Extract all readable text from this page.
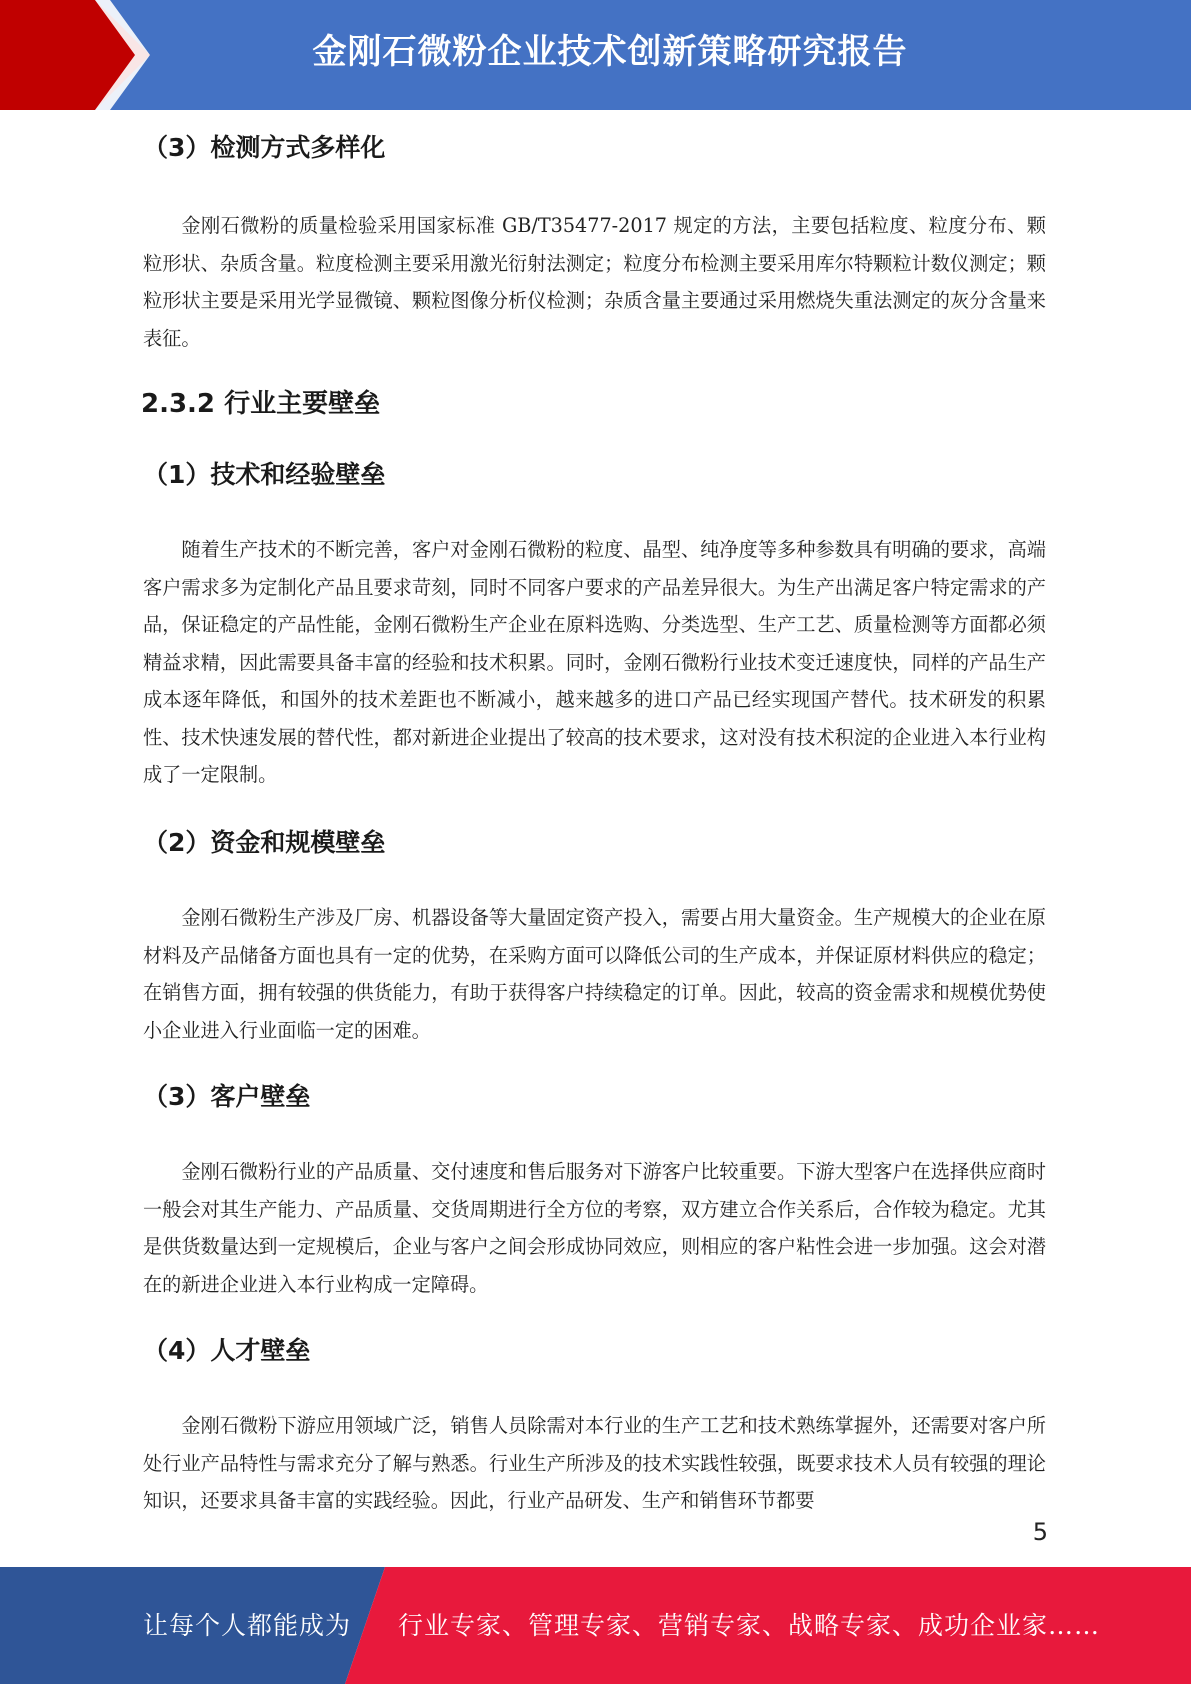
金刚石微粉企业技术创新策略研究报告
（3）检测方式多样化

金刚石微粉的质量检验采用国家标准 GB/T35477-2017 规定的方法，主要包括粒度、粒度分布、颗粒形状、杂质含量。粒度检测主要采用激光衍射法测定；粒度分布检测主要采用库尔特颗粒计数仪测定；颗粒形状主要是采用光学显微镜、颗粒图像分析仪检测；杂质含量主要通过采用燃烧失重法测定的灰分含量来表征。

2.3.2 行业主要壁垒
（1）技术和经验壁垒

随着生产技术的不断完善，客户对金刚石微粉的粒度、晶型、纯净度等多种参数具有明确的要求，高端客户需求多为定制化产品且要求苛刻，同时不同客户要求的产品差异很大。为生产出满足客户特定需求的产品，保证稳定的产品性能，金刚石微粉生产企业在原料选购、分类选型、生产工艺、质量检测等方面都必须精益求精，因此需要具备丰富的经验和技术积累。同时，金刚石微粉行业技术变迁速度快，同样的产品生产成本逐年降低，和国外的技术差距也不断减小，越来越多的进口产品已经实现国产替代。技术研发的积累性、技术快速发展的替代性，都对新进企业提出了较高的技术要求，这对没有技术积淀的企业进入本行业构成了一定限制。

（2）资金和规模壁垒

金刚石微粉生产涉及厂房、机器设备等大量固定资产投入，需要占用大量资金。生产规模大的企业在原材料及产品储备方面也具有一定的优势，在采购方面可以降低公司的生产成本，并保证原材料供应的稳定；在销售方面，拥有较强的供货能力，有助于获得客户持续稳定的订单。因此，较高的资金需求和规模优势使小企业进入行业面临一定的困难。

（3）客户壁垒

金刚石微粉行业的产品质量、交付速度和售后服务对下游客户比较重要。下游大型客户在选择供应商时一般会对其生产能力、产品质量、交货周期进行全方位的考察，双方建立合作关系后，合作较为稳定。尤其是供货数量达到一定规模后，企业与客户之间会形成协同效应，则相应的客户粘性会进一步加强。这会对潜在的新进企业进入本行业构成一定障碍。

（4）人才壁垒

金刚石微粉下游应用领域广泛，销售人员除需对本行业的生产工艺和技术熟练掌握外，还需要对客户所处行业产品特性与需求充分了解与熟悉。行业生产所涉及的技术实践性较强，既要求技术人员有较强的理论知识，还要求具备丰富的实践经验。因此，行业产品研发、生产和销售环节都要

5
让每个人都能成为 行业专家、管理专家、营销专家、战略专家、成功企业家……
